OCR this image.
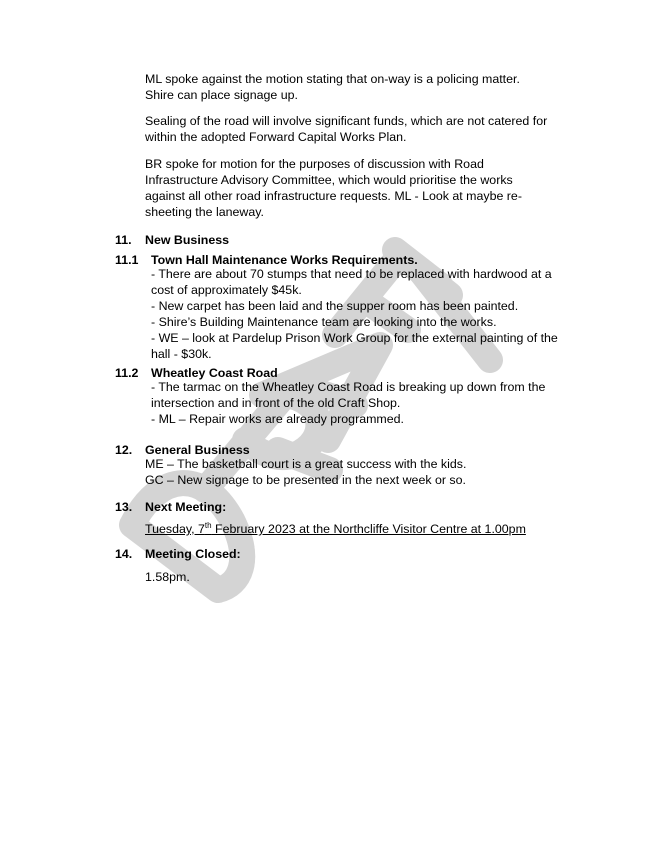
ML spoke against the motion stating that on-way is a policing matter.
Shire can place signage up.

Sealing of the road will involve significant funds, which are not catered for
within the adopted Forward Capital Works Plan.

BR spoke for motion for the purposes of discussion with Road
Infrastructure Advisory Committee, which would prioritise the works
against all other road infrastructure requests. ML - Look at maybe re-
sheeting the laneway.

11. New Business
11.1 Town Hall Maintenance Works Requirements.

- There are about 70 stumps that need to be replaced with hardwood at a
cost of approximately $45k.
- New carpet has been laid and the supper room has been painted.
- Shire’s Building Maintenance team are looking into the works.
- WE – look at Pardelup Prison Work Group for the external painting of the
hall - $30k.

11.2 Wheatley Coast Road

- The tarmac on the Wheatley Coast Road is breaking up down from the
intersection and in front of the old Craft Shop.
- ML – Repair works are already programmed.

12. General Business

ME – The basketball court is a great success with the kids.
GC – New signage to be presented in the next week or so.

13. Next Meeting:

Tuesday, 7th February 2023 at the Northcliffe Visitor Centre at 1.00pm

14. Meeting Closed:

1.58pm.
